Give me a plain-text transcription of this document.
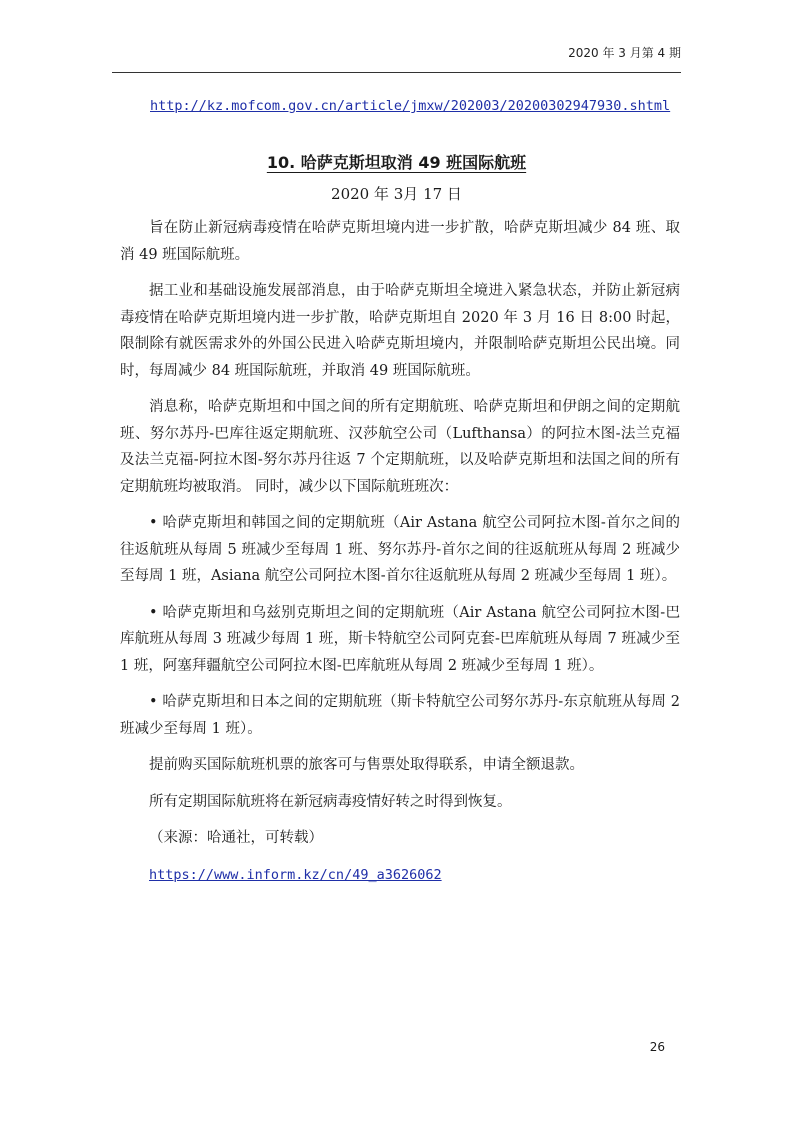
2020 年 3 月第 4 期
http://kz.mofcom.gov.cn/article/jmxw/202003/20200302947930.shtml
10. 哈萨克斯坦取消 49 班国际航班
2020 年 3月 17 日

旨在防止新冠病毒疫情在哈萨克斯坦境内进一步扩散，哈萨克斯坦减少 84 班、取消 49 班国际航班。

据工业和基础设施发展部消息，由于哈萨克斯坦全境进入紧急状态，并防止新冠病毒疫情在哈萨克斯坦境内进一步扩散，哈萨克斯坦自 2020 年 3 月 16 日 8:00 时起，限制除有就医需求外的外国公民进入哈萨克斯坦境内，并限制哈萨克斯坦公民出境。同时，每周减少 84 班国际航班，并取消 49 班国际航班。

消息称，哈萨克斯坦和中国之间的所有定期航班、哈萨克斯坦和伊朗之间的定期航班、努尔苏丹-巴库往返定期航班、汉莎航空公司（Lufthansa）的阿拉木图-法兰克福及法兰克福-阿拉木图-努尔苏丹往返 7 个定期航班，以及哈萨克斯坦和法国之间的所有定期航班均被取消。 同时，减少以下国际航班班次：

• 哈萨克斯坦和韩国之间的定期航班（Air Astana 航空公司阿拉木图-首尔之间的往返航班从每周 5 班减少至每周 1 班、努尔苏丹-首尔之间的往返航班从每周 2 班减少至每周 1 班，Asiana 航空公司阿拉木图-首尔往返航班从每周 2 班减少至每周 1 班）。

• 哈萨克斯坦和乌兹别克斯坦之间的定期航班（Air Astana 航空公司阿拉木图-巴库航班从每周 3 班减少每周 1 班，斯卡特航空公司阿克套-巴库航班从每周 7 班减少至 1 班，阿塞拜疆航空公司阿拉木图-巴库航班从每周 2 班减少至每周 1 班）。

• 哈萨克斯坦和日本之间的定期航班（斯卡特航空公司努尔苏丹-东京航班从每周 2 班减少至每周 1 班）。

提前购买国际航班机票的旅客可与售票处取得联系，申请全额退款。

所有定期国际航班将在新冠病毒疫情好转之时得到恢复。

（来源：哈通社，可转载）

https://www.inform.kz/cn/49_a3626062

26
